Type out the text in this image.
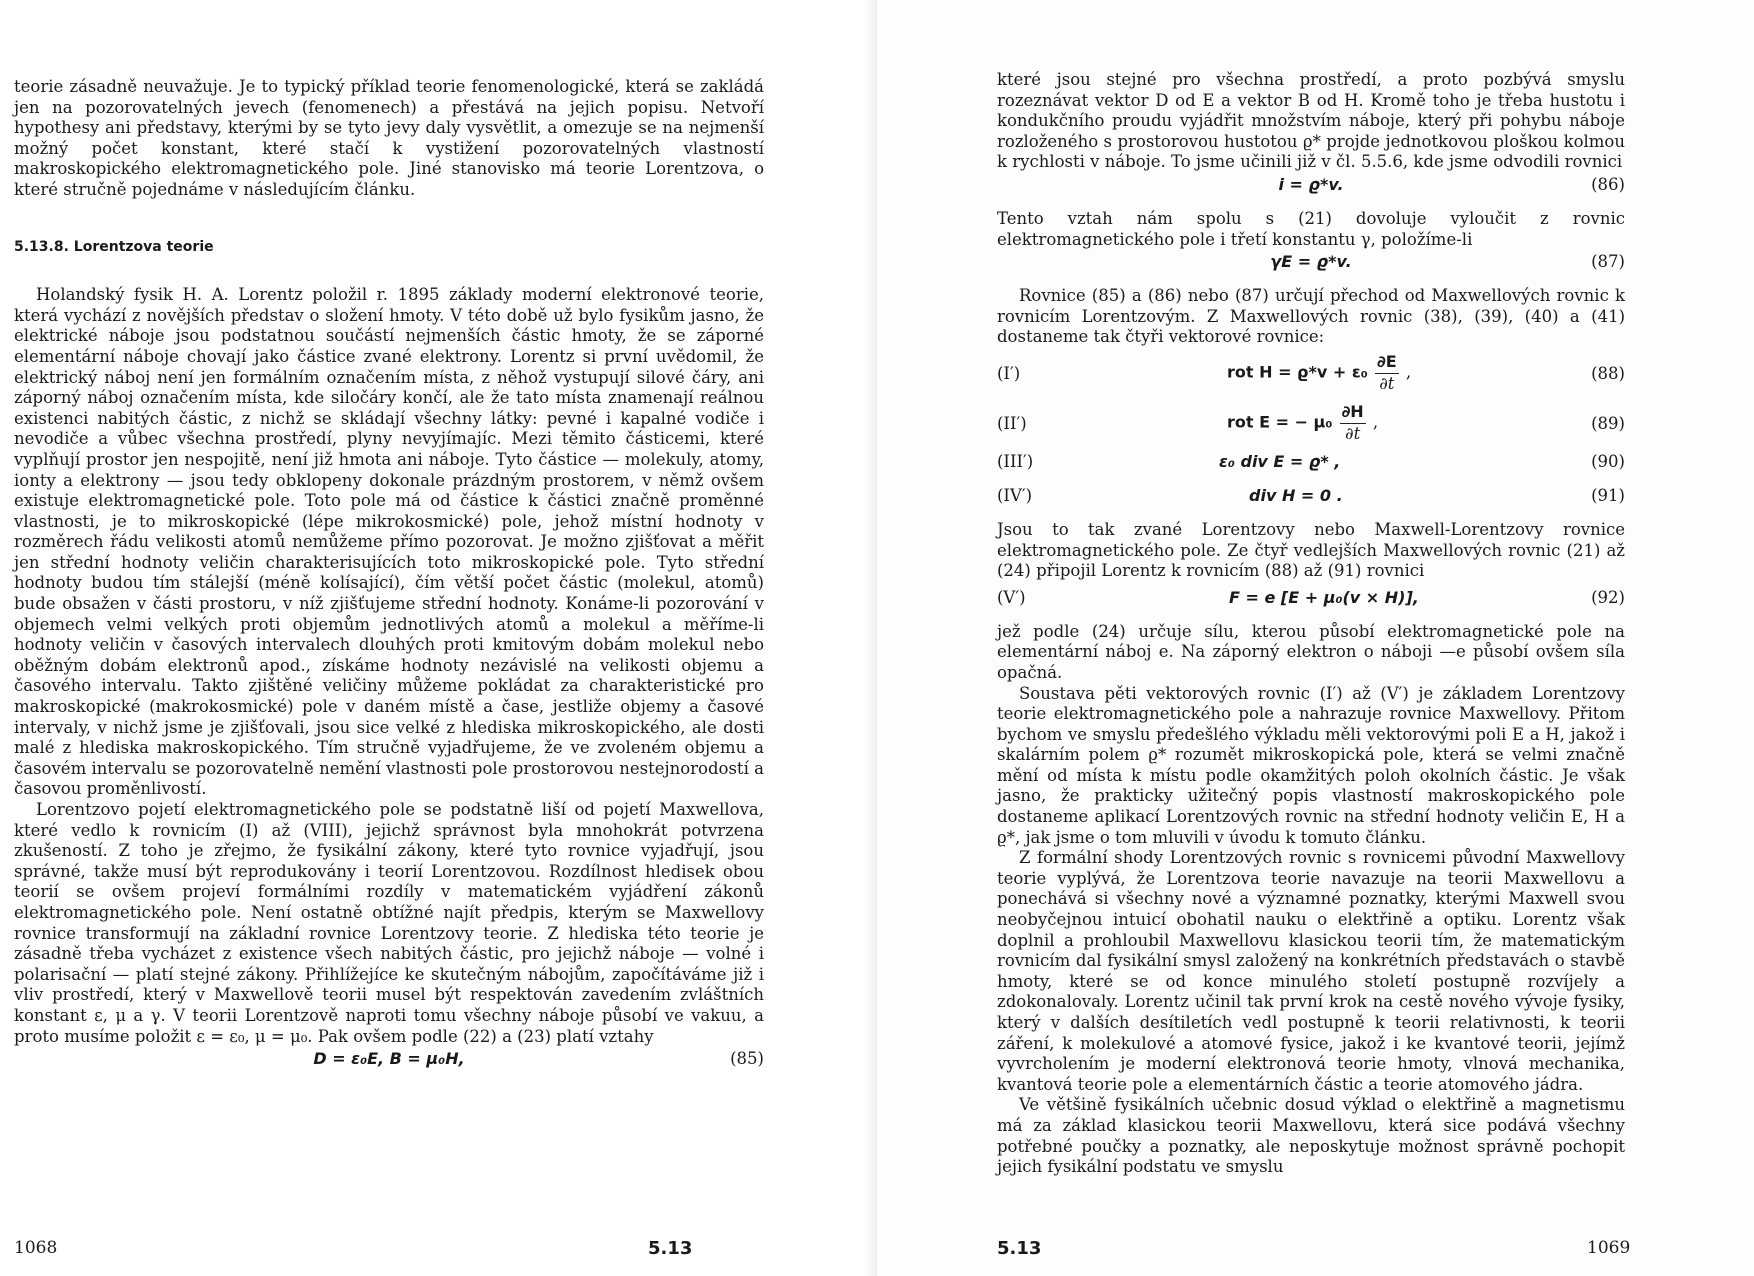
teorie zásadně neuvažuje. Je to typický příklad teorie fenomenologické, která se zakládá jen na pozorovatelných jevech (fenomenech) a přestává na jejich popisu. Netvoří hypothesy ani představy, kterými by se tyto jevy daly vysvětlit, a omezuje se na nejmenší možný počet konstant, které stačí k vystižení pozorovatelných vlastností makroskopického elektromagnetického pole. Jiné stanovisko má teorie Lorentzova, o které stručně pojednáme v následujícím článku.

5.13.8. Lorentzova teorie

Holandský fysik H. A. Lorentz položil r. 1895 základy moderní elektronové teorie, která vychází z novějších představ o složení hmoty. V této době už bylo fysikům jasno, že elektrické náboje jsou podstatnou součástí nejmenších částic hmoty, že se záporné elementární náboje chovají jako částice zvané elektrony. Lorentz si první uvědomil, že elektrický náboj není jen formálním označením místa, z něhož vystupují silové čáry, ani záporný náboj označením místa, kde siločáry končí, ale že tato místa znamenají reálnou existenci nabitých částic, z nichž se skládají všechny látky: pevné i kapalné vodiče i nevodiče a vůbec všechna prostředí, plyny nevyjímajíc. Mezi těmito částicemi, které vyplňují prostor jen nespojitě, není již hmota ani náboje. Tyto částice — molekuly, atomy, ionty a elektrony — jsou tedy obklopeny dokonale prázdným prostorem, v němž ovšem existuje elektromagnetické pole. Toto pole má od částice k částici značně proměnné vlastnosti, je to mikroskopické (lépe mikrokosmické) pole, jehož místní hodnoty v rozměrech řádu velikosti atomů nemůžeme přímo pozorovat. Je možno zjišťovat a měřit jen střední hodnoty veličin charakterisujících toto mikroskopické pole. Tyto střední hodnoty budou tím stálejší (méně kolísající), čím větší počet částic (molekul, atomů) bude obsažen v části prostoru, v níž zjišťujeme střední hodnoty. Konáme-li pozorování v objemech velmi velkých proti objemům jednotlivých atomů a molekul a měříme-li hodnoty veličin v časových intervalech dlouhých proti kmitovým dobám molekul nebo oběžným dobám elektronů apod., získáme hodnoty nezávislé na velikosti objemu a časového intervalu. Takto zjištěné veličiny můžeme pokládat za charakteristické pro makroskopické (makrokosmické) pole v daném místě a čase, jestliže objemy a časové intervaly, v nichž jsme je zjišťovali, jsou sice velké z hlediska mikroskopického, ale dosti malé z hlediska makroskopického. Tím stručně vyjadřujeme, že ve zvoleném objemu a časovém intervalu se pozorovatelně nemění vlastnosti pole prostorovou nestejnorodostí a časovou proměnlivostí.

Lorentzovo pojetí elektromagnetického pole se podstatně liší od pojetí Maxwellova, které vedlo k rovnicím (I) až (VIII), jejichž správnost byla mnohokrát potvrzena zkušeností. Z toho je zřejmo, že fysikální zákony, které tyto rovnice vyjadřují, jsou správné, takže musí být reprodukovány i teorií Lorentzovou. Rozdílnost hledisek obou teorií se ovšem projeví formálními rozdíly v matematickém vyjádření zákonů elektromagnetického pole. Není ostatně obtížné najít předpis, kterým se Maxwellovy rovnice transformují na základní rovnice Lorentzovy teorie. Z hlediska této teorie je zásadně třeba vycházet z existence všech nabitých částic, pro jejichž náboje — volné i polarisační — platí stejné zákony. Přihlížejíce ke skutečným nábojům, započítáváme již i vliv prostředí, který v Maxwellově teorii musel být respektován zavedením zvláštních konstant ε, μ a γ. V teorii Lorentzově naproti tomu všechny náboje působí ve vakuu, a proto musíme položit ε = ε₀, μ = μ₀. Pak ovšem podle (22) a (23) platí vztahy

D = ε₀E, B = μ₀H,	(85)
1068	5.13

které jsou stejné pro všechna prostředí, a proto pozbývá smyslu rozeznávat vektor D od E a vektor B od H. Kromě toho je třeba hustotu i kondukčního proudu vyjádřit množstvím náboje, který při pohybu náboje rozloženého s prostorovou hustotou ϱ* projde jednotkovou ploškou kolmou k rychlosti v náboje. To jsme učinili již v čl. 5.5.6, kde jsme odvodili rovnici

i = ϱ*v.	(86)

Tento vztah nám spolu s (21) dovoluje vyloučit z rovnic elektromagnetického pole i třetí konstantu γ, položíme-li

γE = ϱ*v.	(87)

Rovnice (85) a (86) nebo (87) určují přechod od Maxwellových rovnic k rovnicím Lorentzovým. Z Maxwellových rovnic (38), (39), (40) a (41) dostaneme tak čtyři vektorové rovnice:

(I′)	rot $H = ϱ*v + \varepsilon_0 \frac{\partial E}{\partial t}$ ,	(88)
(II′)	rot E = − $\mu_0 \frac{\partial H}{\partial t}$ ,	(89)
(III′)	ε₀ div E = ϱ* ,	(90)
(IV′)	div H = 0 .	(91)

Jsou to tak zvané Lorentzovy nebo Maxwell-Lorentzovy rovnice elektromagnetického pole. Ze čtyř vedlejších Maxwellových rovnic (21) až (24) připojil Lorentz k rovnicím (88) až (91) rovnici

(V′)	F = e [E + μ₀(v × H)],	(92)

jež podle (24) určuje sílu, kterou působí elektromagnetické pole na elementární náboj e. Na záporný elektron o náboji —e působí ovšem síla opačná.

Soustava pěti vektorových rovnic (I′) až (V′) je základem Lorentzovy teorie elektromagnetického pole a nahrazuje rovnice Maxwellovy. Přitom bychom ve smyslu předešlého výkladu měli vektorovými poli E a H, jakož i skalárním polem ϱ* rozumět mikroskopická pole, která se velmi značně mění od místa k místu podle okamžitých poloh okolních částic. Je však jasno, že prakticky užitečný popis vlastností makroskopického pole dostaneme aplikací Lorentzových rovnic na střední hodnoty veličin E, H a ϱ*, jak jsme o tom mluvili v úvodu k tomuto článku.

Z formální shody Lorentzových rovnic s rovnicemi původní Maxwellovy teorie vyplývá, že Lorentzova teorie navazuje na teorii Maxwellovu a ponechává si všechny nové a významné poznatky, kterými Maxwell svou neobyčejnou intuicí obohatil nauku o elektřině a optiku. Lorentz však doplnil a prohloubil Maxwellovu klasickou teorii tím, že matematickým rovnicím dal fysikální smysl založený na konkrétních představách o stavbě hmoty, které se od konce minulého století postupně rozvíjely a zdokonalovaly. Lorentz učinil tak první krok na cestě nového vývoje fysiky, který v dalších desítiletích vedl postupně k teorii relativnosti, k teorii záření, k molekulové a atomové fysice, jakož i ke kvantové teorii, jejímž vyvrcholením je moderní elektronová teorie hmoty, vlnová mechanika, kvantová teorie pole a elementárních částic a teorie atomového jádra.

Ve většině fysikálních učebnic dosud výklad o elektřině a magnetismu má za základ klasickou teorii Maxwellovu, která sice podává všechny potřebné poučky a poznatky, ale neposkytuje možnost správně pochopit jejich fysikální podstatu ve smyslu

5.13	1069
